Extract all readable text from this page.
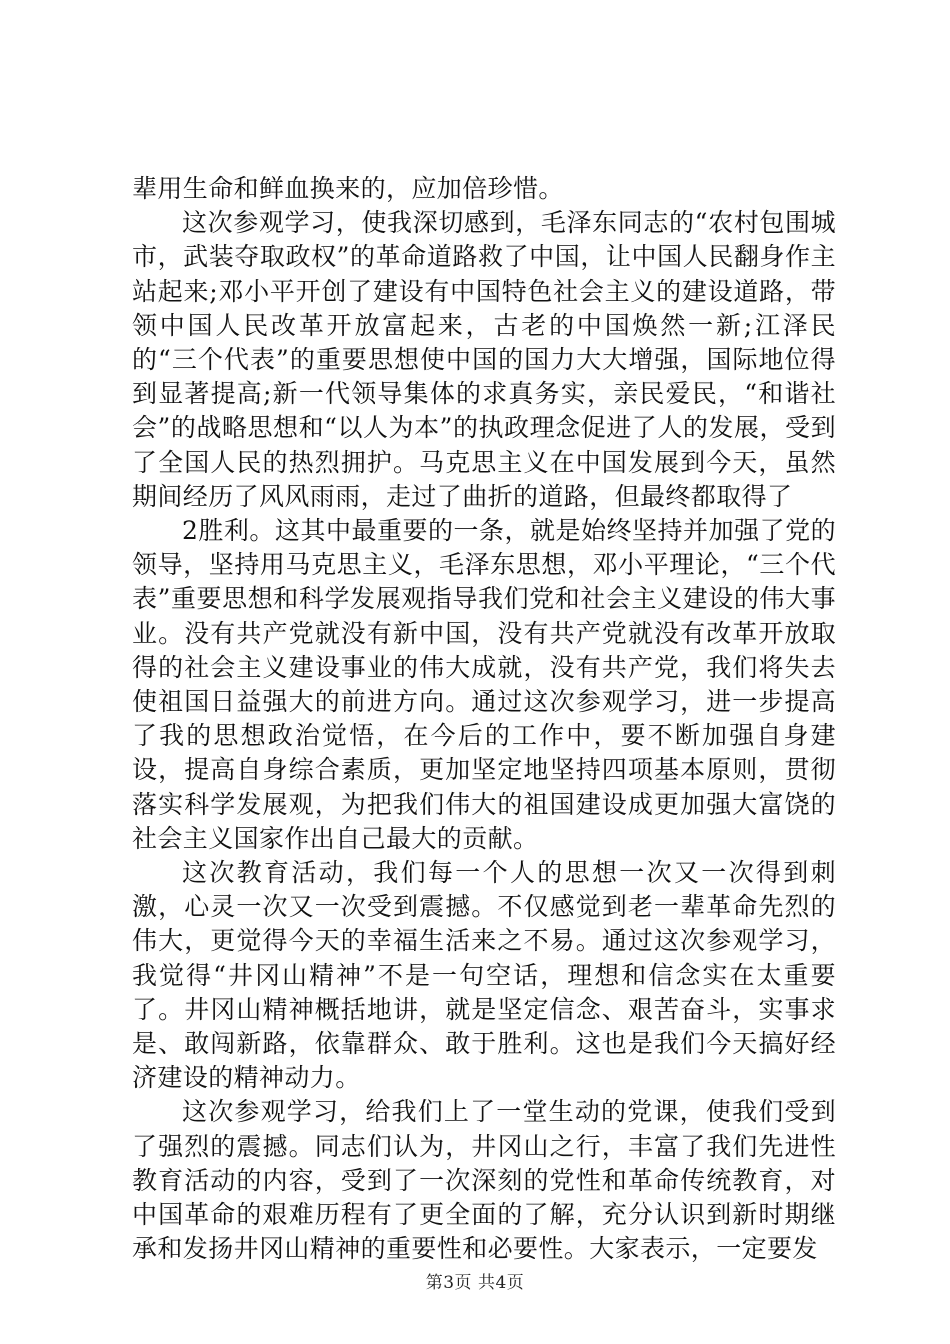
辈用生命和鲜血换来的，应加倍珍惜。

这次参观学习，使我深切感到，毛泽东同志的“农村包围城市，武装夺取政权”的革命道路救了中国，让中国人民翻身作主站起来;邓小平开创了建设有中国特色社会主义的建设道路，带领中国人民改革开放富起来，古老的中国焕然一新;江泽民的“三个代表”的重要思想使中国的国力大大增强，国际地位得到显著提高;新一代领导集体的求真务实，亲民爱民，“和谐社会”的战略思想和“以人为本”的执政理念促进了人的发展，受到了全国人民的热烈拥护。马克思主义在中国发展到今天，虽然期间经历了风风雨雨，走过了曲折的道路，但最终都取得了

2胜利。这其中最重要的一条，就是始终坚持并加强了党的领导，坚持用马克思主义，毛泽东思想，邓小平理论，“三个代表”重要思想和科学发展观指导我们党和社会主义建设的伟大事业。没有共产党就没有新中国，没有共产党就没有改革开放取得的社会主义建设事业的伟大成就，没有共产党，我们将失去使祖国日益强大的前进方向。通过这次参观学习，进一步提高了我的思想政治觉悟，在今后的工作中，要不断加强自身建设，提高自身综合素质，更加坚定地坚持四项基本原则，贯彻落实科学发展观，为把我们伟大的祖国建设成更加强大富饶的社会主义国家作出自己最大的贡献。

这次教育活动，我们每一个人的思想一次又一次得到刺激，心灵一次又一次受到震撼。不仅感觉到老一辈革命先烈的伟大，更觉得今天的幸福生活来之不易。通过这次参观学习，我觉得“井冈山精神”不是一句空话，理想和信念实在太重要了。井冈山精神概括地讲，就是坚定信念、艰苦奋斗，实事求是、敢闯新路，依靠群众、敢于胜利。这也是我们今天搞好经济建设的精神动力。

这次参观学习，给我们上了一堂生动的党课，使我们受到了强烈的震撼。同志们认为，井冈山之行，丰富了我们先进性教育活动的内容，受到了一次深刻的党性和革命传统教育，对中国革命的艰难历程有了更全面的了解，充分认识到新时期继承和发扬井冈山精神的重要性和必要性。大家表示，一定要发

第3页 共4页
